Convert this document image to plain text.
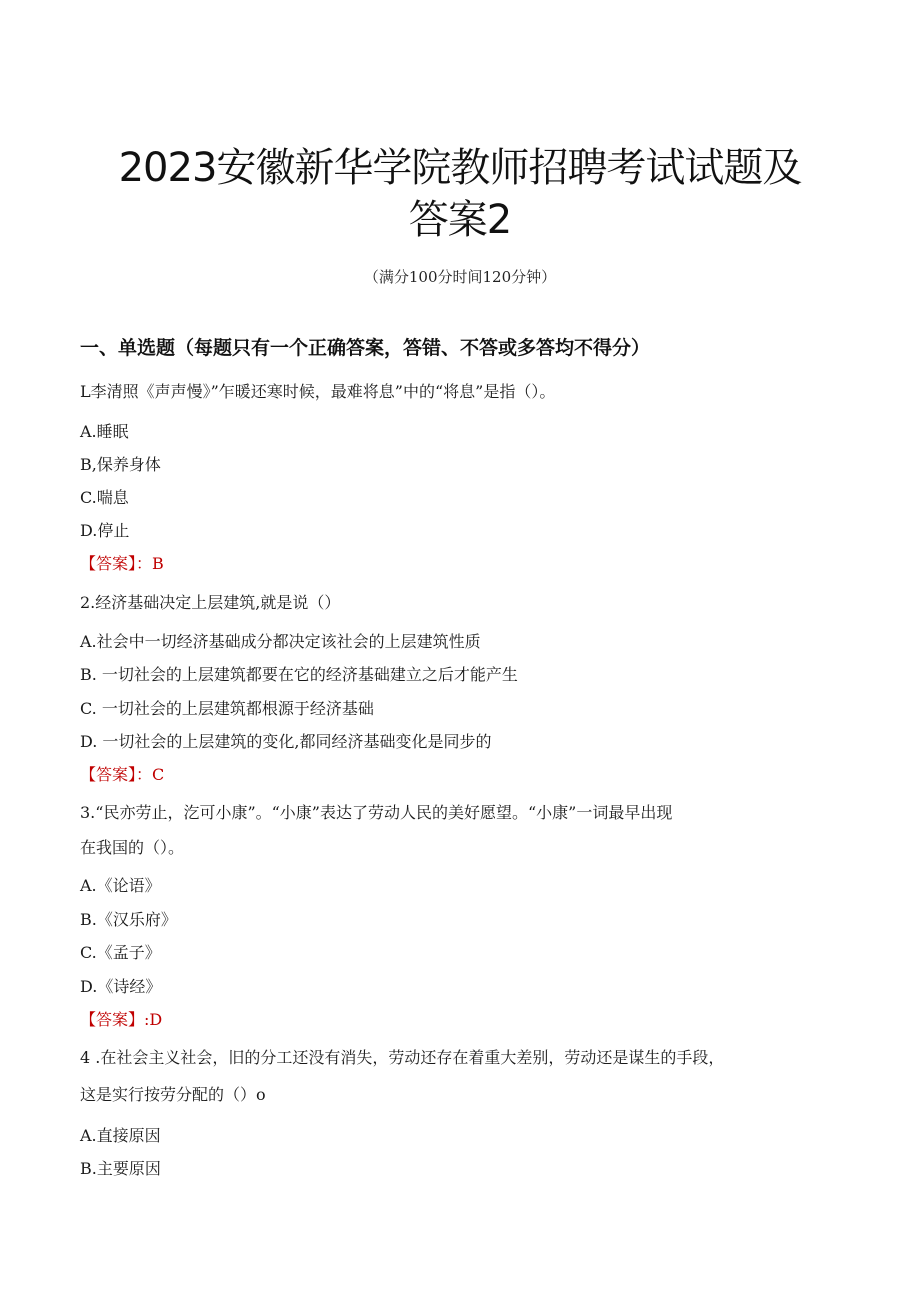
2023安徽新华学院教师招聘考试试题及
答案2
（满分100分时间120分钟）
一、单选题（每题只有一个正确答案，答错、不答或多答均不得分）
L李清照《声声慢》”乍暖还寒时候，最难将息”中的“将息”是指（）。
A.睡眠
B,保养身体
C.喘息
D.停止
【答案】：B
2.经济基础决定上层建筑,就是说（）
A.社会中一切经济基础成分都决定该社会的上层建筑性质
B. 一切社会的上层建筑都要在它的经济基础建立之后才能产生
C. 一切社会的上层建筑都根源于经济基础
D. 一切社会的上层建筑的变化,都同经济基础变化是同步的
【答案】：C
3.“民亦劳止，汔可小康”。“小康”表达了劳动人民的美好愿望。“小康”一词最早出现
在我国的（）。
A.《论语》
B.《汉乐府》
C.《孟子》
D.《诗经》
【答案】:D
4 .在社会主义社会，旧的分工还没有消失，劳动还存在着重大差别，劳动还是谋生的手段，
这是实行按劳分配的（）o
A.直接原因
B.主要原因
